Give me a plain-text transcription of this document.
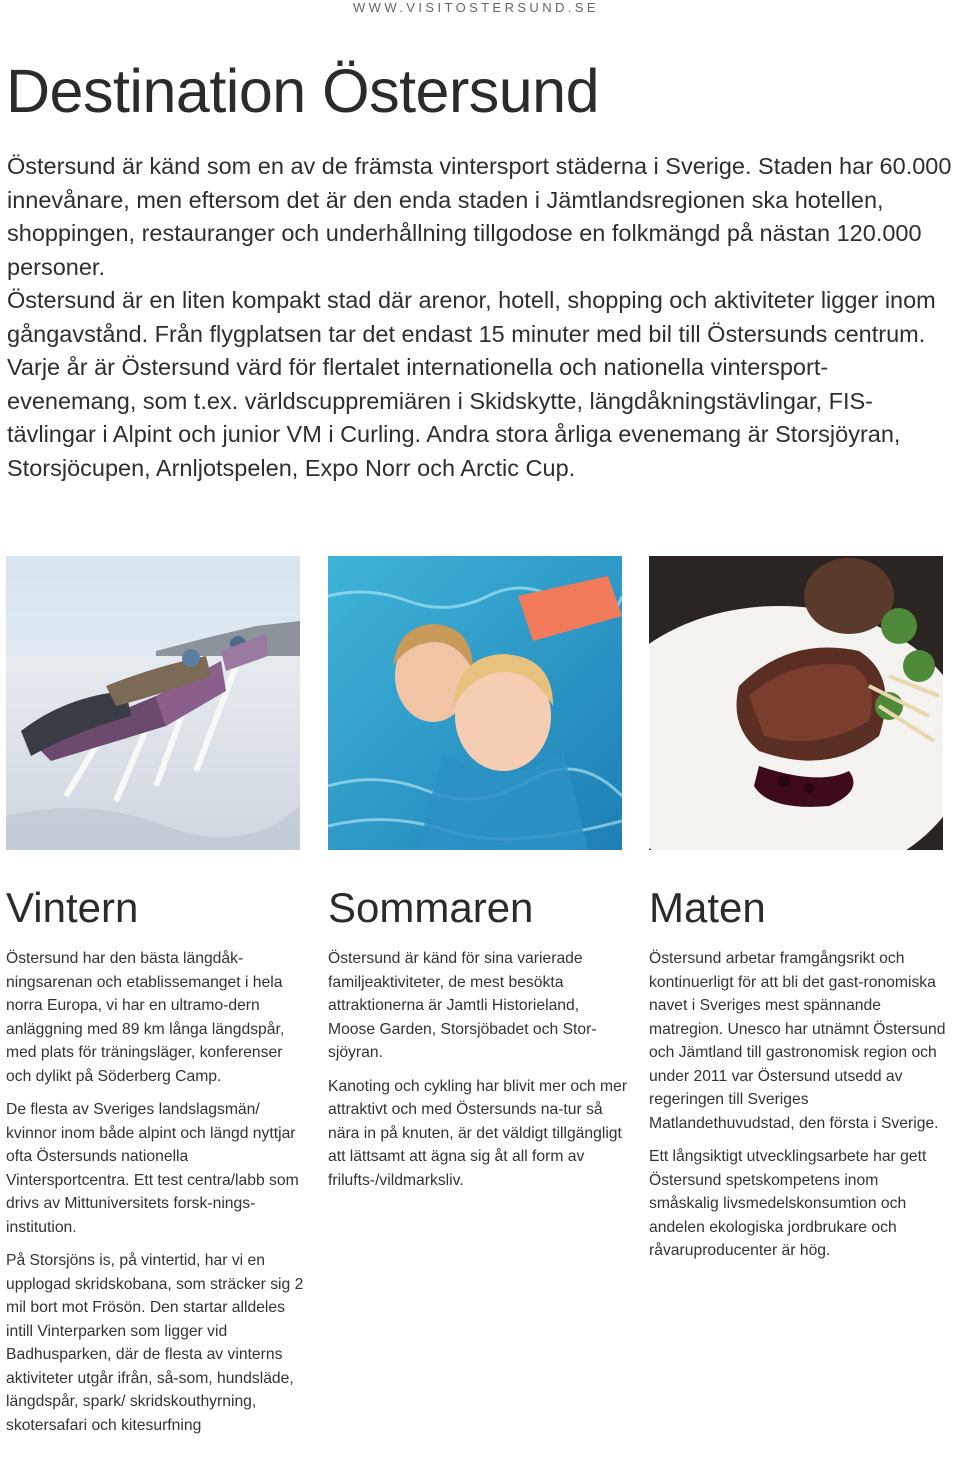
WWW.VISITOSTERSUND.SE
Destination Östersund

Östersund är känd som en av de främsta vintersport städerna i Sverige. Staden har 60.000 innevånare, men eftersom det är den enda staden i Jämtlandsregionen ska hotellen, shoppingen, restauranger och underhållning tillgodose en folkmängd på nästan 120.000 personer.

Östersund är en liten kompakt stad där arenor, hotell, shopping och aktiviteter ligger inom gångavstånd. Från flygplatsen tar det endast 15 minuter med bil till Östersunds centrum. Varje år är Östersund värd för flertalet internationella och nationella vintersport-evenemang, som t.ex. världscuppremiären i Skidskytte, längdåkningstävlingar, FIS-tävlingar i Alpint och junior VM i Curling. Andra stora årliga evenemang är Storsjöyran, Storsjöcupen, Arnljotspelen, Expo Norr och Arctic Cup.

Vintern

Östersund har den bästa längdåk-ningsarenan och etablissemanget i hela norra Europa, vi har en ultramo-dern anläggning med 89 km långa längdspår, med plats för träningsläger, konferenser och dylikt på Söderberg Camp.

De flesta av Sveriges landslagsmän/ kvinnor inom både alpint och längd nyttjar ofta Östersunds nationella Vintersportcentra. Ett test centra/labb som drivs av Mittuniversitets forsk-nings- institution.

På Storsjöns is, på vintertid, har vi en upplogad skridskobana, som sträcker sig 2 mil bort mot Frösön. Den startar alldeles intill Vinterparken som ligger vid Badhusparken, där de flesta av vinterns aktiviteter utgår ifrån, så-som, hundsläde, längdspår, spark/ skridskouthyrning, skotersafari och kitesurfning

Sommaren

Östersund är känd för sina varierade familjeaktiviteter, de mest besökta attraktionerna är Jamtli Historieland, Moose Garden, Storsjöbadet och Stor-sjöyran.

Kanoting och cykling har blivit mer och mer attraktivt och med Östersunds na-tur så nära in på knuten, är det väldigt tillgängligt att lättsamt att ägna sig åt all form av frilufts-/vildmarksliv.

Maten

Östersund arbetar framgångsrikt och kontinuerligt för att bli det gast-ronomiska navet i Sveriges mest spännande matregion. Unesco har utnämnt Östersund och Jämtland till gastronomisk region och under 2011 var Östersund utsedd av regeringen till Sveriges Matlandethuvudstad, den första i Sverige.

Ett långsiktigt utvecklingsarbete har gett Östersund spetskompetens inom småskalig livsmedelskonsumtion och andelen ekologiska jordbrukare och råvaruproducenter är hög.
